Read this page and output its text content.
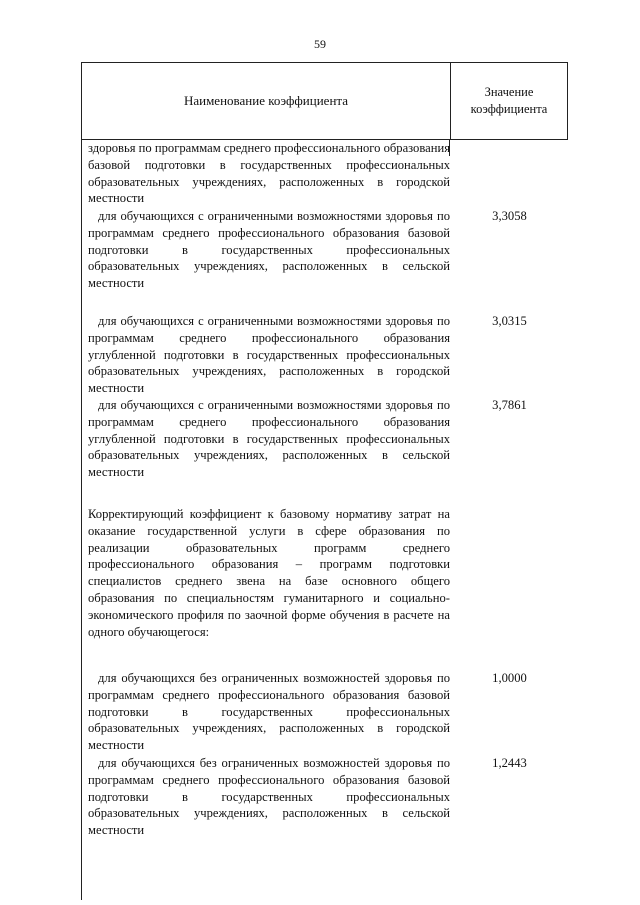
59
Наименование коэффициента
Значение
коэффициента

здоровья по программам среднего профессионального образования базовой подготовки в государственных профессиональных образовательных учреждениях, расположенных в городской местности

для обучающихся с ограниченными возможностями здоровья по программам среднего профессионального образования базовой подготовки в государственных профессиональных образовательных учреждениях, расположенных в сельской местности

3,3058

для обучающихся с ограниченными возможностями здоровья по программам среднего профессионального образования углубленной подготовки в государственных профессиональных образовательных учреждениях, расположенных в городской местности

3,0315

для обучающихся с ограниченными возможностями здоровья по программам среднего профессионального образования углубленной подготовки в государственных профессиональных образовательных учреждениях, расположенных в сельской местности

3,7861

Корректирующий коэффициент к базовому нормативу затрат на оказание государственной услуги в сфере образования по реализации образовательных программ среднего профессионального образования – программ подготовки специалистов среднего звена на базе основного общего образования по специальностям гуманитарного и социально-экономического профиля по заочной форме обучения в расчете на одного обучающегося:

для обучающихся без ограниченных возможностей здоровья по программам среднего профессионального образования базовой подготовки в государственных профессиональных образовательных учреждениях, расположенных в городской местности

1,0000

для обучающихся без ограниченных возможностей здоровья по программам среднего профессионального образования базовой подготовки в государственных профессиональных образовательных учреждениях, расположенных в сельской местности

1,2443
